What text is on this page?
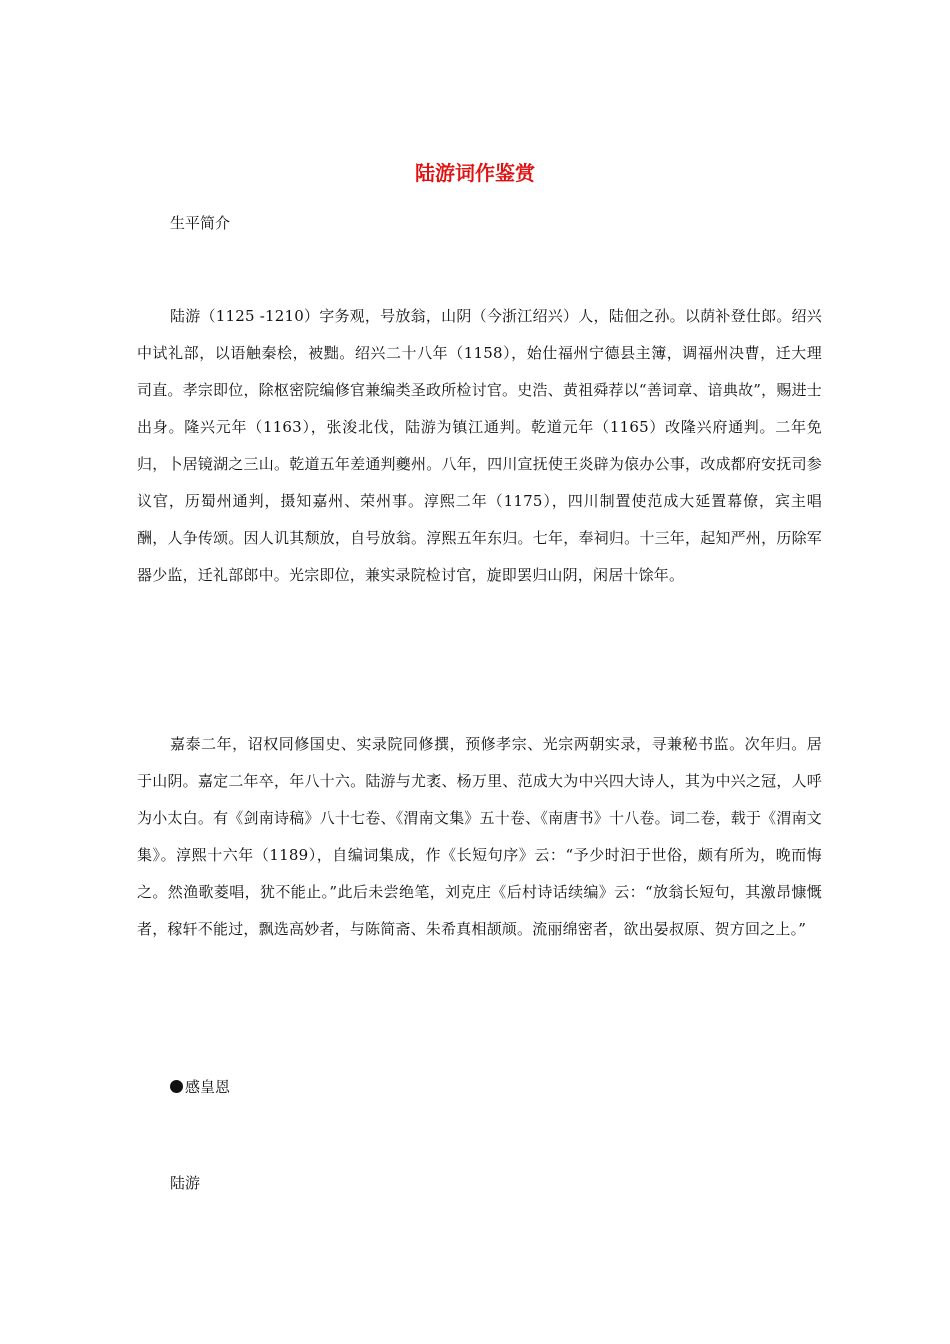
陆游词作鉴赏

生平简介

陆游（1125 -1210）字务观，号放翁，山阴（今浙江绍兴）人，陆佃之孙。以荫补登仕郎。绍兴中试礼部，以语触秦桧，被黜。绍兴二十八年（1158），始仕福州宁德县主簿，调福州决曹，迁大理司直。孝宗即位，除枢密院编修官兼编类圣政所检讨官。史浩、黄祖舜荐以“善词章、谙典故”，赐进士出身。隆兴元年（1163），张浚北伐，陆游为镇江通判。乾道元年（1165）改隆兴府通判。二年免归，卜居镜湖之三山。乾道五年差通判夔州。八年，四川宣抚使王炎辟为偯办公事，改成都府安抚司参议官，历蜀州通判，摄知嘉州、荣州事。淳熙二年（1175），四川制置使范成大延置幕僚，宾主唱酬，人争传颂。因人讥其颓放，自号放翁。淳熙五年东归。七年，奉祠归。十三年，起知严州，历除军器少监，迁礼部郎中。光宗即位，兼实录院检讨官，旋即罢归山阴，闲居十馀年。

嘉泰二年，诏权同修国史、实录院同修撰，预修孝宗、光宗两朝实录，寻兼秘书监。次年归。居于山阴。嘉定二年卒，年八十六。陆游与尤袤、杨万里、范成大为中兴四大诗人，其为中兴之冠，人呼为小太白。有《剑南诗稿》八十七卷、《渭南文集》五十卷、《南唐书》十八卷。词二卷，载于《渭南文集》。淳熙十六年（1189），自编词集成，作《长短句序》云：“予少时汩于世俗，颇有所为，晚而悔之。然渔歌菱唱，犹不能止。”此后未尝绝笔，刘克庄《后村诗话续编》云：“放翁长短句，其激昂慷慨者，稼轩不能过，飘选高妙者，与陈简斋、朱希真相颉颃。流丽绵密者，欲出晏叔原、贺方回之上。”

感皇恩

陆游
